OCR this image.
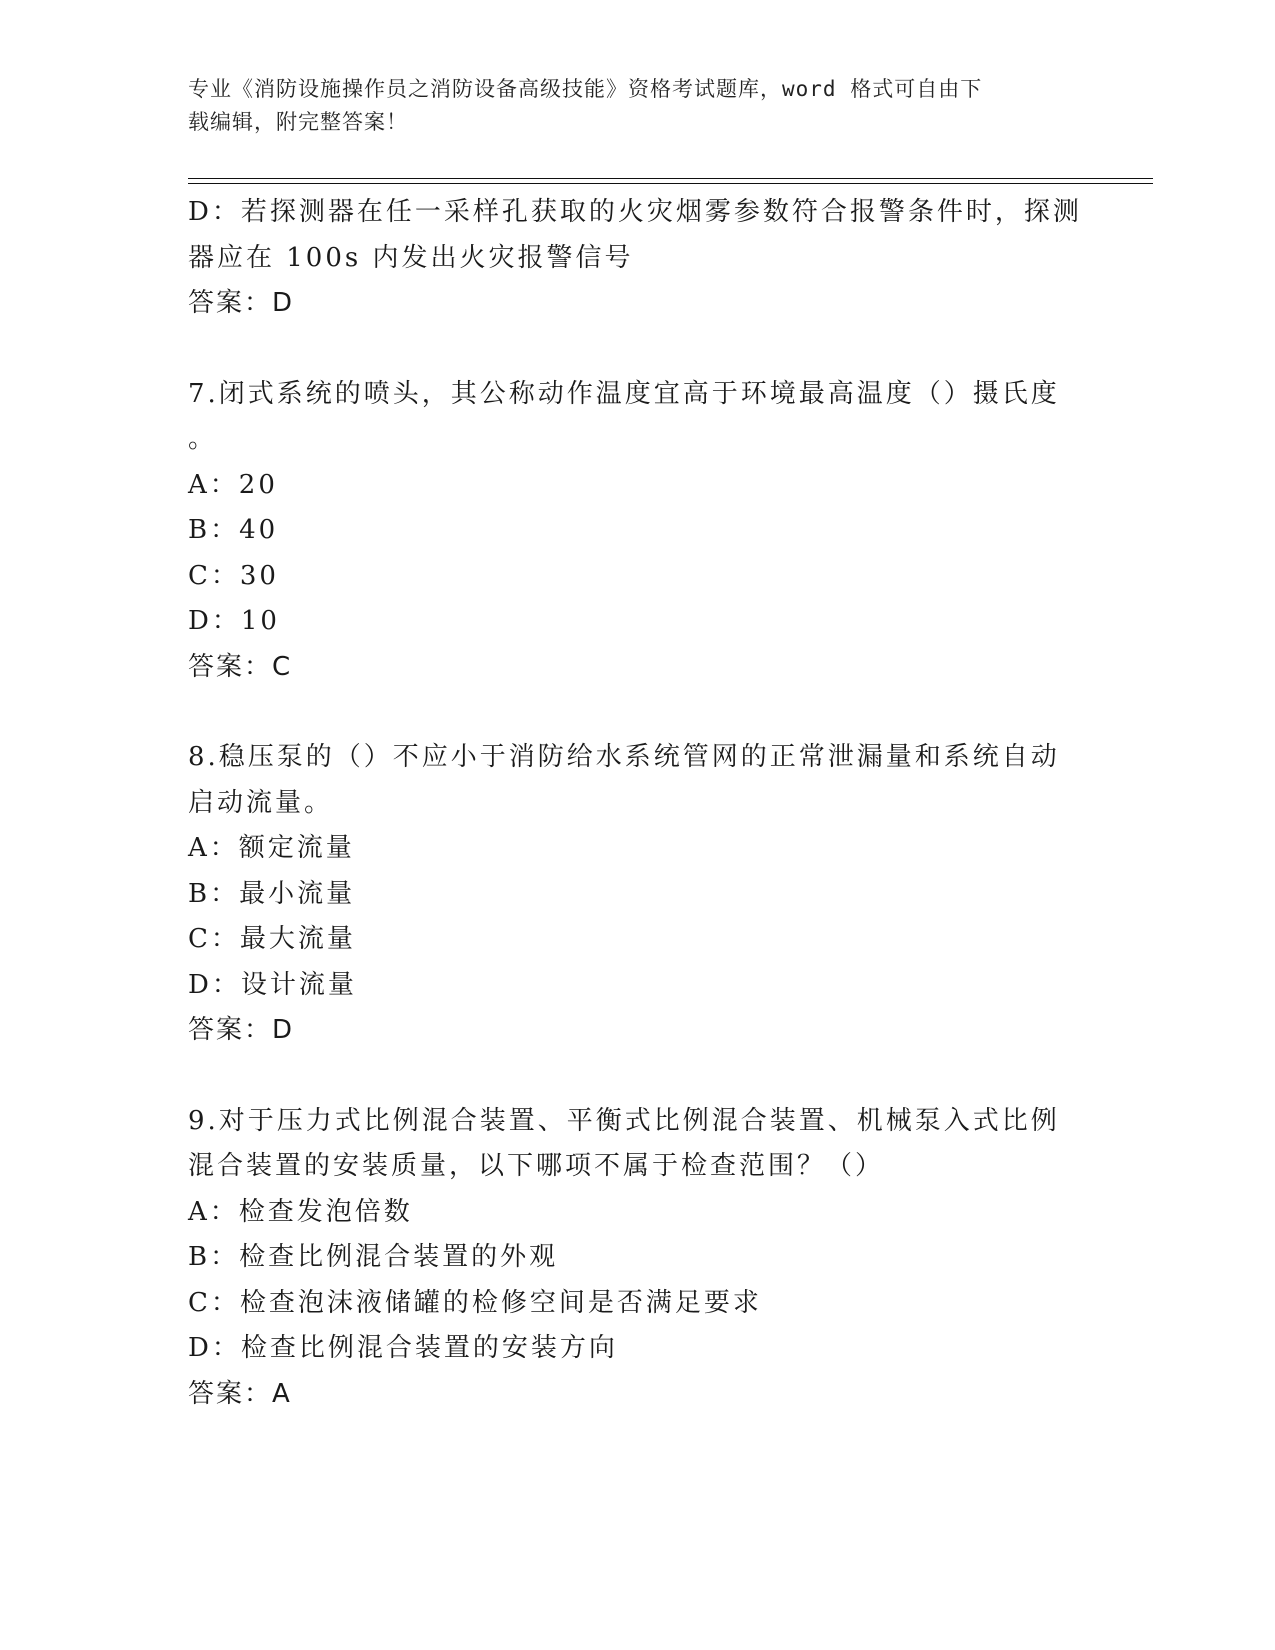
专业《消防设施操作员之消防设备高级技能》资格考试题库，word 格式可自由下
载编辑，附完整答案！
D：若探测器在任一采样孔获取的火灾烟雾参数符合报警条件时，探测
器应在 100s 内发出火灾报警信号
答案：D
7.闭式系统的喷头，其公称动作温度宜高于环境最高温度（）摄氏度
。
A：20
B：40
C：30
D：10
答案：C
8.稳压泵的（）不应小于消防给水系统管网的正常泄漏量和系统自动
启动流量。
A：额定流量
B：最小流量
C：最大流量
D：设计流量
答案：D
9.对于压力式比例混合装置、平衡式比例混合装置、机械泵入式比例
混合装置的安装质量，以下哪项不属于检查范围？（）
A：检查发泡倍数
B：检查比例混合装置的外观
C：检查泡沫液储罐的检修空间是否满足要求
D：检查比例混合装置的安装方向
答案：A
